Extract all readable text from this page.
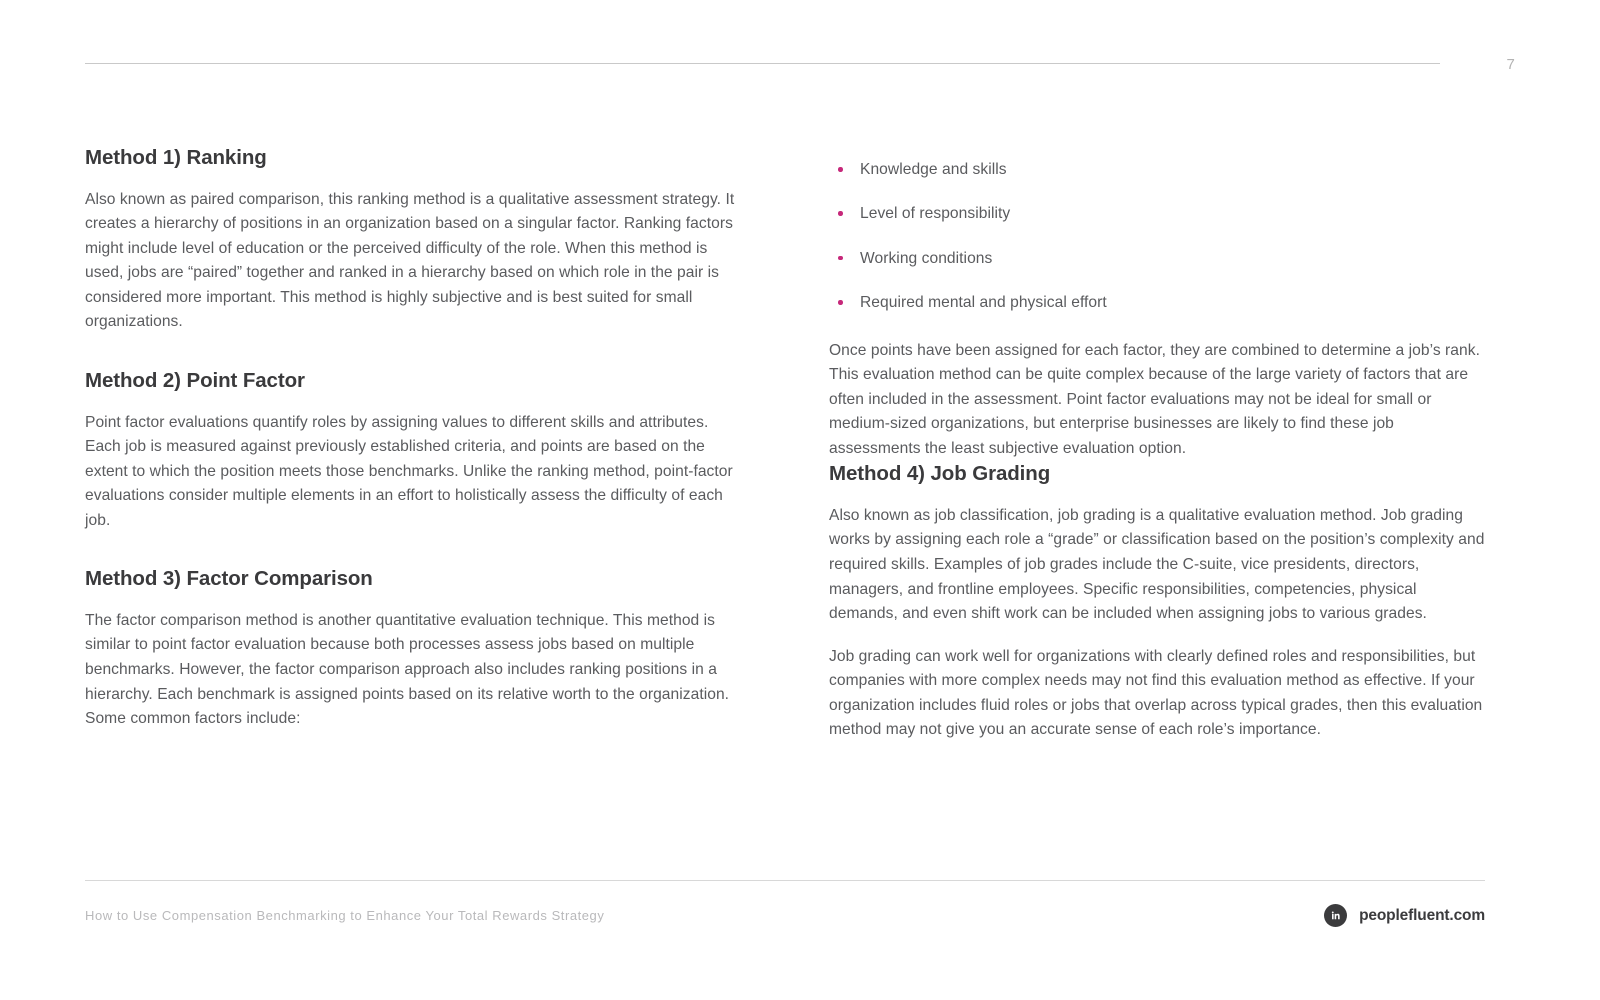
7
Method 1) Ranking

Also known as paired comparison, this ranking method is a qualitative assessment strategy. It creates a hierarchy of positions in an organization based on a singular factor. Ranking factors might include level of education or the perceived difficulty of the role. When this method is used, jobs are “paired” together and ranked in a hierarchy based on which role in the pair is considered more important. This method is highly subjective and is best suited for small organizations.

Method 2) Point Factor

Point factor evaluations quantify roles by assigning values to different skills and attributes. Each job is measured against previously established criteria, and points are based on the extent to which the position meets those benchmarks. Unlike the ranking method, point-factor evaluations consider multiple elements in an effort to holistically assess the difficulty of each job.

Method 3) Factor Comparison

The factor comparison method is another quantitative evaluation technique. This method is similar to point factor evaluation because both processes assess jobs based on multiple benchmarks. However, the factor comparison approach also includes ranking positions in a hierarchy. Each benchmark is assigned points based on its relative worth to the organization. Some common factors include:

Knowledge and skills
Level of responsibility
Working conditions
Required mental and physical effort

Once points have been assigned for each factor, they are combined to determine a job’s rank. This evaluation method can be quite complex because of the large variety of factors that are often included in the assessment. Point factor evaluations may not be ideal for small or medium-sized organizations, but enterprise businesses are likely to find these job assessments the least subjective evaluation option.

Method 4) Job Grading

Also known as job classification, job grading is a qualitative evaluation method. Job grading works by assigning each role a “grade” or classification based on the position’s complexity and required skills. Examples of job grades include the C-suite, vice presidents, directors, managers, and frontline employees. Specific responsibilities, competencies, physical demands, and even shift work can be included when assigning jobs to various grades.

Job grading can work well for organizations with clearly defined roles and responsibilities, but companies with more complex needs may not find this evaluation method as effective. If your organization includes fluid roles or jobs that overlap across typical grades, then this evaluation method may not give you an accurate sense of each role’s importance.

How to Use Compensation Benchmarking to Enhance Your Total Rewards Strategy	peoplefluent.com
